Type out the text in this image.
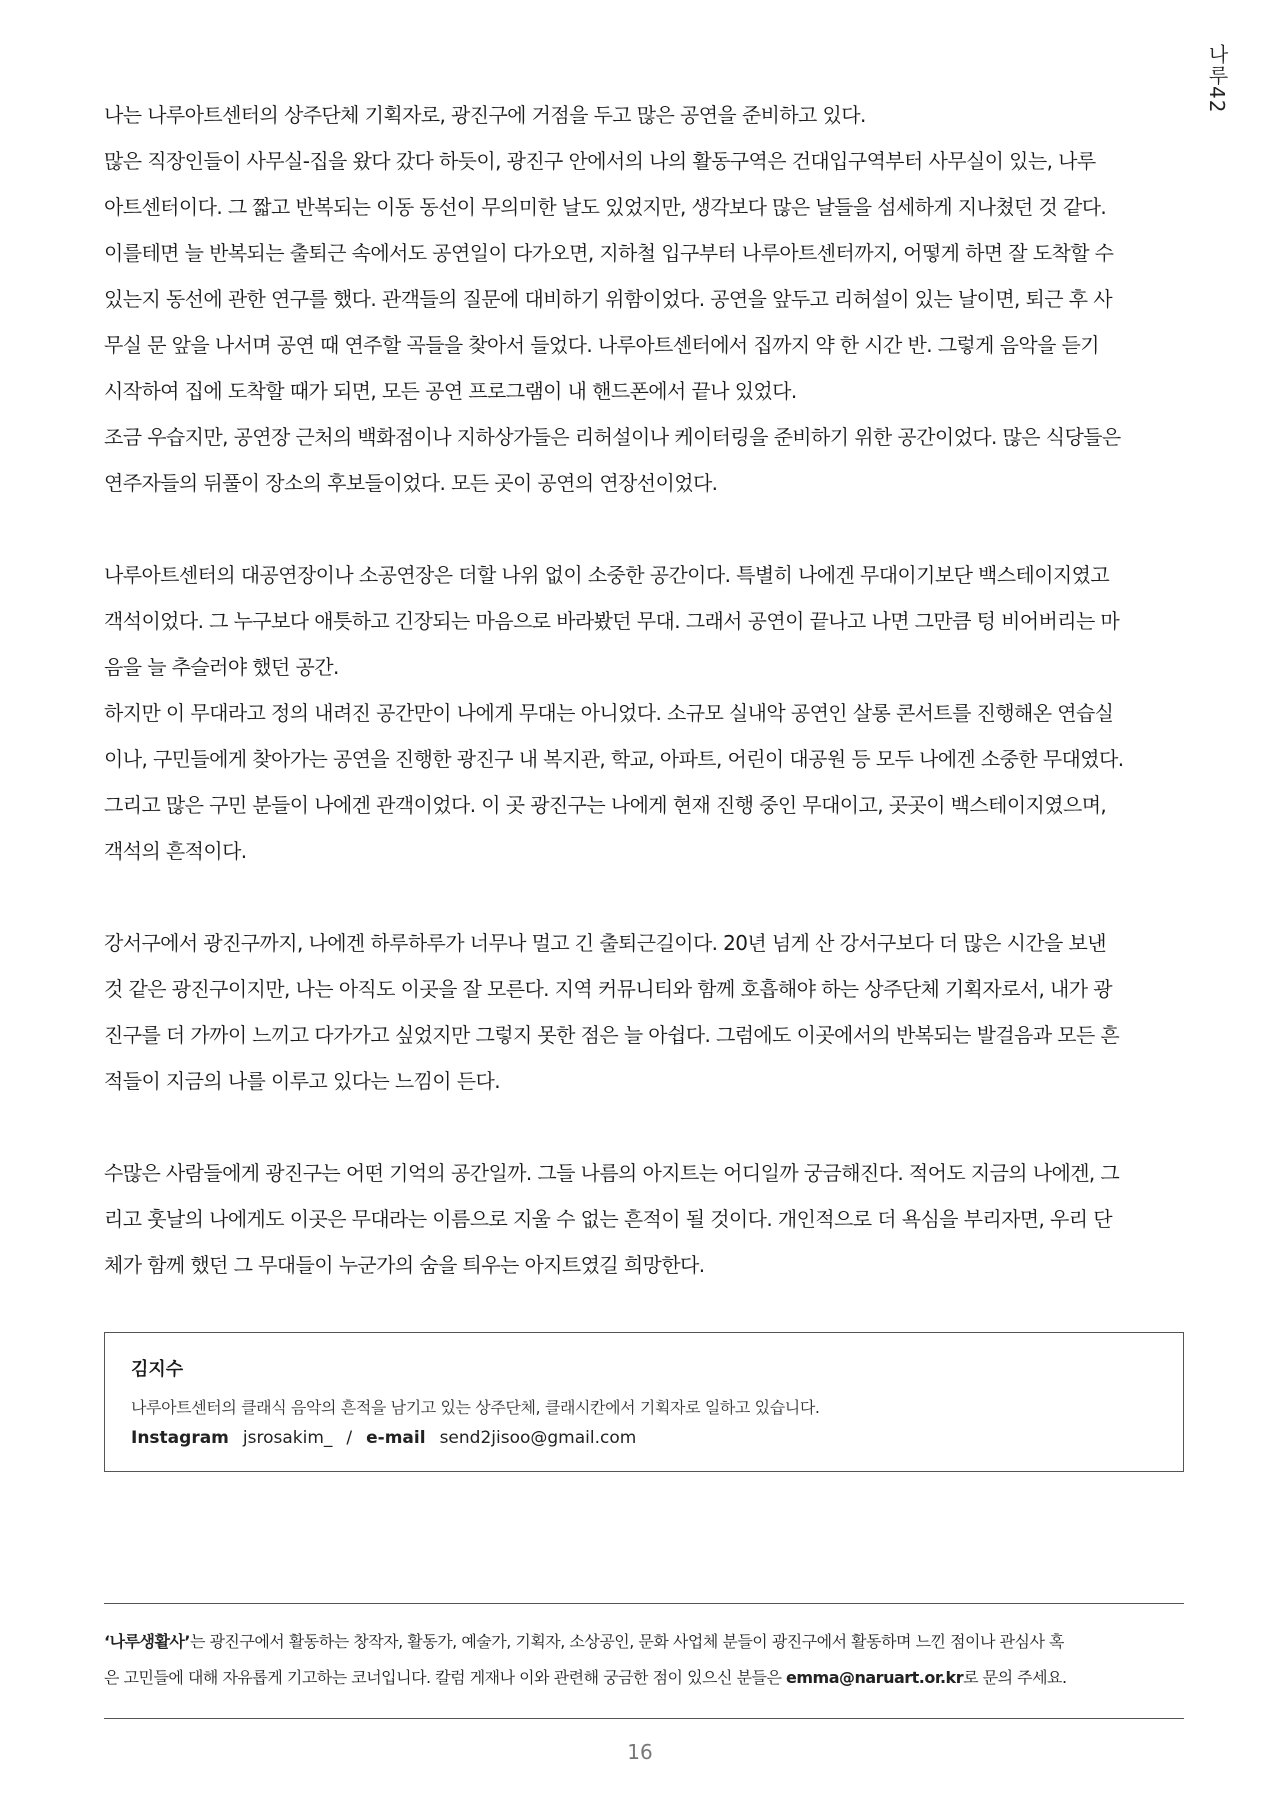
나루42

나는 나루아트센터의 상주단체 기획자로, 광진구에 거점을 두고 많은 공연을 준비하고 있다.

많은 직장인들이 사무실-집을 왔다 갔다 하듯이, 광진구 안에서의 나의 활동구역은 건대입구역부터 사무실이 있는, 나루

아트센터이다. 그 짧고 반복되는 이동 동선이 무의미한 날도 있었지만, 생각보다 많은 날들을 섬세하게 지나쳤던 것 같다.

이를테면 늘 반복되는 출퇴근 속에서도 공연일이 다가오면, 지하철 입구부터 나루아트센터까지, 어떻게 하면 잘 도착할 수

있는지 동선에 관한 연구를 했다. 관객들의 질문에 대비하기 위함이었다. 공연을 앞두고 리허설이 있는 날이면, 퇴근 후 사

무실 문 앞을 나서며 공연 때 연주할 곡들을 찾아서 들었다. 나루아트센터에서 집까지 약 한 시간 반. 그렇게 음악을 듣기

시작하여 집에 도착할 때가 되면, 모든 공연 프로그램이 내 핸드폰에서 끝나 있었다.

조금 우습지만, 공연장 근처의 백화점이나 지하상가들은 리허설이나 케이터링을 준비하기 위한 공간이었다. 많은 식당들은

연주자들의 뒤풀이 장소의 후보들이었다. 모든 곳이 공연의 연장선이었다.

나루아트센터의 대공연장이나 소공연장은 더할 나위 없이 소중한 공간이다. 특별히 나에겐 무대이기보단 백스테이지였고

객석이었다. 그 누구보다 애틋하고 긴장되는 마음으로 바라봤던 무대. 그래서 공연이 끝나고 나면 그만큼 텅 비어버리는 마

음을 늘 추슬러야 했던 공간.

하지만 이 무대라고 정의 내려진 공간만이 나에게 무대는 아니었다. 소규모 실내악 공연인 살롱 콘서트를 진행해온 연습실

이나, 구민들에게 찾아가는 공연을 진행한 광진구 내 복지관, 학교, 아파트, 어린이 대공원 등 모두 나에겐 소중한 무대였다.

그리고 많은 구민 분들이 나에겐 관객이었다. 이 곳 광진구는 나에게 현재 진행 중인 무대이고, 곳곳이 백스테이지였으며,

객석의 흔적이다.

강서구에서 광진구까지, 나에겐 하루하루가 너무나 멀고 긴 출퇴근길이다. 20년 넘게 산 강서구보다 더 많은 시간을 보낸

것 같은 광진구이지만, 나는 아직도 이곳을 잘 모른다. 지역 커뮤니티와 함께 호흡해야 하는 상주단체 기획자로서, 내가 광

진구를 더 가까이 느끼고 다가가고 싶었지만 그렇지 못한 점은 늘 아쉽다. 그럼에도 이곳에서의 반복되는 발걸음과 모든 흔

적들이 지금의 나를 이루고 있다는 느낌이 든다.

수많은 사람들에게 광진구는 어떤 기억의 공간일까. 그들 나름의 아지트는 어디일까 궁금해진다. 적어도 지금의 나에겐, 그

리고 훗날의 나에게도 이곳은 무대라는 이름으로 지울 수 없는 흔적이 될 것이다. 개인적으로 더 욕심을 부리자면, 우리 단

체가 함께 했던 그 무대들이 누군가의 숨을 틔우는 아지트였길 희망한다.

김지수
나루아트센터의 클래식 음악의 흔적을 남기고 있는 상주단체, 클래시칸에서 기획자로 일하고 있습니다.
Instagram jsrosakim_ / e-mail send2jisoo@gmail.com

‘나루생활사’는 광진구에서 활동하는 창작자, 활동가, 예술가, 기획자, 소상공인, 문화 사업체 분들이 광진구에서 활동하며 느낀 점이나 관심사 혹

은 고민들에 대해 자유롭게 기고하는 코너입니다. 칼럼 게재나 이와 관련해 궁금한 점이 있으신 분들은 emma@naruart.or.kr로 문의 주세요.

16
